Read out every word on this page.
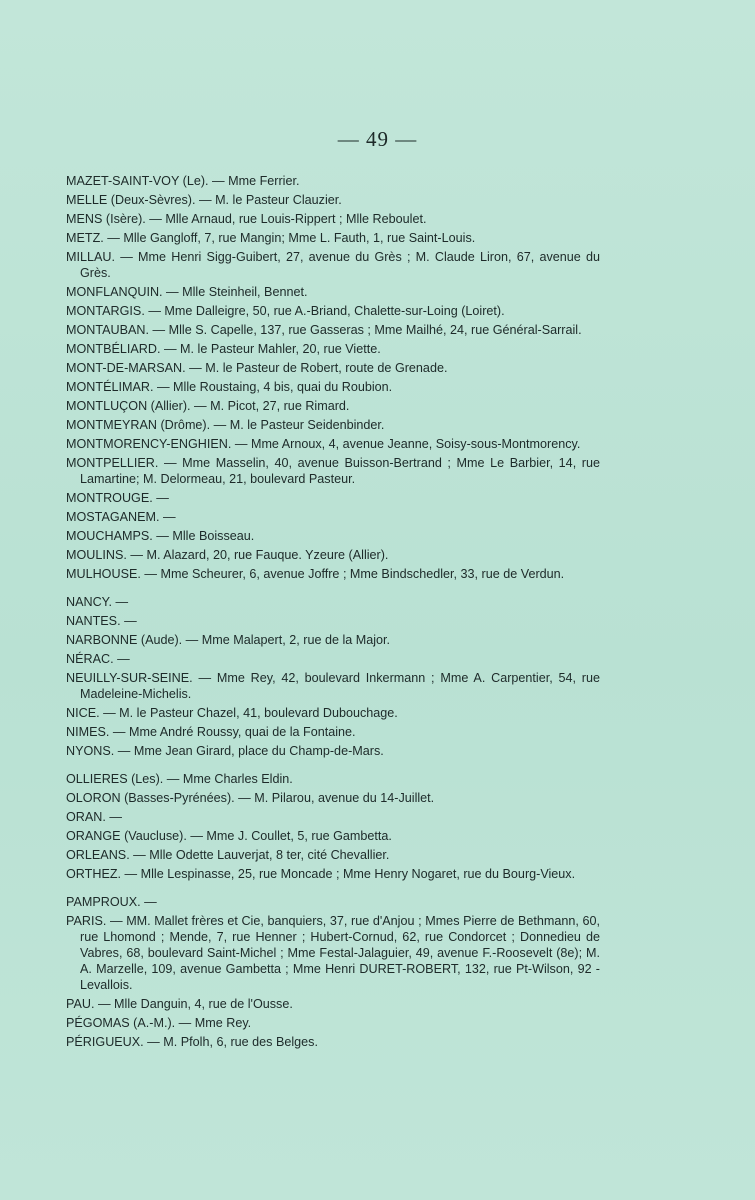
— 49 —
MAZET-SAINT-VOY (Le). — Mme Ferrier.
MELLE (Deux-Sèvres). — M. le Pasteur Clauzier.
MENS (Isère). — Mlle Arnaud, rue Louis-Rippert ; Mlle Reboulet.
METZ. — Mlle Gangloff, 7, rue Mangin; Mme L. Fauth, 1, rue Saint-Louis.
MILLAU. — Mme Henri Sigg-Guibert, 27, avenue du Grès ; M. Claude Liron, 67, avenue du Grès.
MONFLANQUIN. — Mlle Steinheil, Bennet.
MONTARGIS. — Mme Dalleigre, 50, rue A.-Briand, Chalette-sur-Loing (Loiret).
MONTAUBAN. — Mlle S. Capelle, 137, rue Gasseras ; Mme Mailhé, 24, rue Général-Sarrail.
MONTBÉLIARD. — M. le Pasteur Mahler, 20, rue Viette.
MONT-DE-MARSAN. — M. le Pasteur de Robert, route de Grenade.
MONTÉLIMAR. — Mlle Roustaing, 4 bis, quai du Roubion.
MONTLUÇON (Allier). — M. Picot, 27, rue Rimard.
MONTMEYRAN (Drôme). — M. le Pasteur Seidenbinder.
MONTMORENCY-ENGHIEN. — Mme Arnoux, 4, avenue Jeanne, Soisy-sous-Montmorency.
MONTPELLIER. — Mme Masselin, 40, avenue Buisson-Bertrand ; Mme Le Barbier, 14, rue Lamartine; M. Delormeau, 21, boulevard Pasteur.
MONTROUGE. —
MOSTAGANEM. —
MOUCHAMPS. — Mlle Boisseau.
MOULINS. — M. Alazard, 20, rue Fauque. Yzeure (Allier).
MULHOUSE. — Mme Scheurer, 6, avenue Joffre ; Mme Bindschedler, 33, rue de Verdun.
NANCY. —
NANTES. —
NARBONNE (Aude). — Mme Malapert, 2, rue de la Major.
NÉRAC. —
NEUILLY-SUR-SEINE. — Mme Rey, 42, boulevard Inkermann ; Mme A. Carpentier, 54, rue Madeleine-Michelis.
NICE. — M. le Pasteur Chazel, 41, boulevard Dubouchage.
NIMES. — Mme André Roussy, quai de la Fontaine.
NYONS. — Mme Jean Girard, place du Champ-de-Mars.
OLLIERES (Les). — Mme Charles Eldin.
OLORON (Basses-Pyrénées). — M. Pilarou, avenue du 14-Juillet.
ORAN. —
ORANGE (Vaucluse). — Mme J. Coullet, 5, rue Gambetta.
ORLEANS. — Mlle Odette Lauverjat, 8 ter, cité Chevallier.
ORTHEZ. — Mlle Lespinasse, 25, rue Moncade ; Mme Henry Nogaret, rue du Bourg-Vieux.
PAMPROUX. —
PARIS. — MM. Mallet frères et Cie, banquiers, 37, rue d'Anjou ; Mmes Pierre de Bethmann, 60, rue Lhomond ; Mende, 7, rue Henner ; Hubert-Cornud, 62, rue Condorcet ; Donnedieu de Vabres, 68, boulevard Saint-Michel ; Mme Festal-Jalaguier, 49, avenue F.-Roosevelt (8e); M. A. Marzelle, 109, avenue Gambetta ; Mme Henri DURET-ROBERT, 132, rue Pt-Wilson, 92 - Levallois.
PAU. — Mlle Danguin, 4, rue de l'Ousse.
PÉGOMAS (A.-M.). — Mme Rey.
PÉRIGUEUX. — M. Pfolh, 6, rue des Belges.
